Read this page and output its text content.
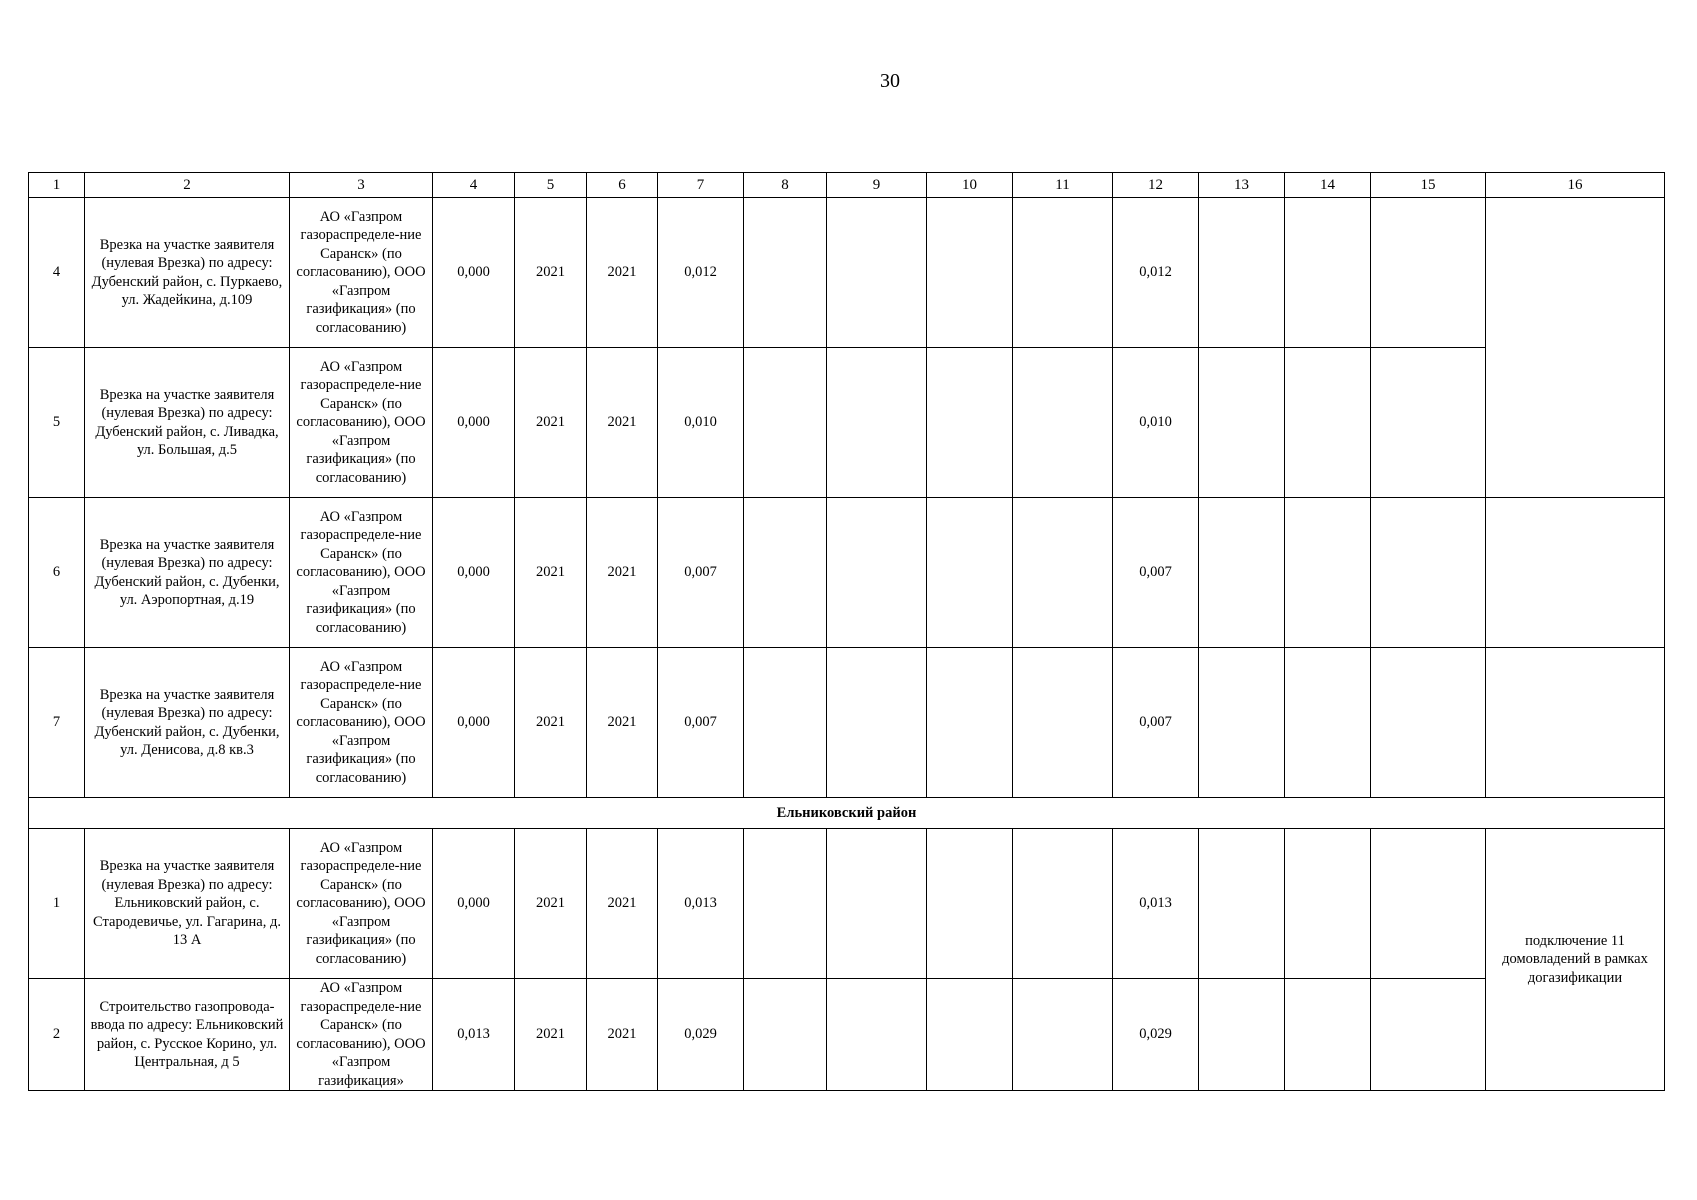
30
1	2	3	4	5	6	7	8	9	10	11	12	13	14	15	16
4	Врезка на участке заявителя (нулевая Врезка) по адресу: Дубенский район, с. Пуркаево, ул. Жадейкина, д.109	АО «Газпром газораспределе-ние Саранск» (по согласованию), ООО «Газпром газификация» (по согласованию)	0,000	2021	2021	0,012					0,012				
5	Врезка на участке заявителя (нулевая Врезка) по адресу: Дубенский район, с. Ливадка, ул. Большая, д.5	АО «Газпром газораспределе-ние Саранск» (по согласованию), ООО «Газпром газификация» (по согласованию)	0,000	2021	2021	0,010					0,010				
6	Врезка на участке заявителя (нулевая Врезка) по адресу: Дубенский район, с. Дубенки, ул. Аэропортная, д.19	АО «Газпром газораспределе-ние Саранск» (по согласованию), ООО «Газпром газификация» (по согласованию)	0,000	2021	2021	0,007					0,007				
7	Врезка на участке заявителя (нулевая Врезка) по адресу: Дубенский район, с. Дубенки, ул. Денисова, д.8 кв.3	АО «Газпром газораспределе-ние Саранск» (по согласованию), ООО «Газпром газификация» (по согласованию)	0,000	2021	2021	0,007					0,007				
Ельниковский район															
1	Врезка на участке заявителя (нулевая Врезка) по адресу: Ельниковский район, с. Стародевичье, ул. Гагарина, д. 13 А	АО «Газпром газораспределе-ние Саранск» (по согласованию), ООО «Газпром газификация» (по согласованию)	0,000	2021	2021	0,013					0,013				подключение 11 домовладений в рамках догазификации
2	Строительство газопровода-ввода по адресу: Ельниковский район, с. Русское Корино, ул. Центральная, д 5	АО «Газпром газораспределе-ние Саранск» (по согласованию), ООО «Газпром газификация»	0,013	2021	2021	0,029					0,029				
